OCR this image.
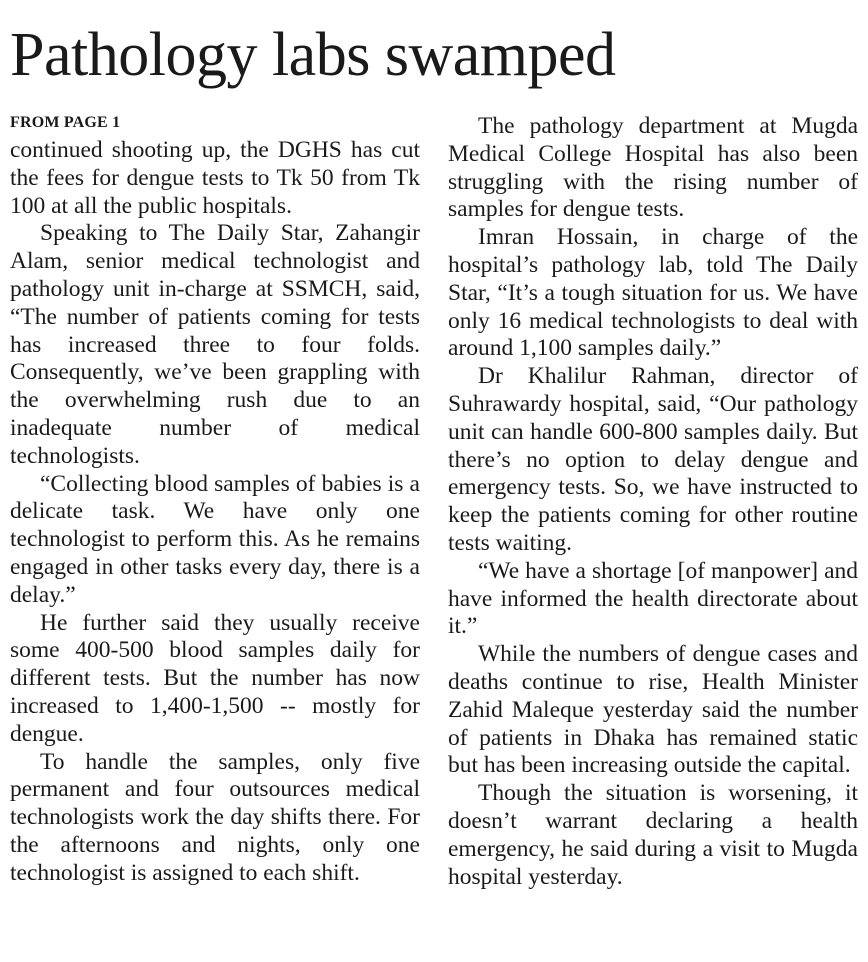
Pathology labs swamped
FROM PAGE 1

continued shooting up, the DGHS has cut the fees for dengue tests to Tk 50 from Tk 100 at all the public hospitals.

Speaking to The Daily Star, Zahangir Alam, senior medical technologist and pathology unit in-charge at SSMCH, said, “The number of patients coming for tests has increased three to four folds. Consequently, we’ve been grappling with the overwhelming rush due to an inadequate number of medical technologists.

“Collecting blood samples of babies is a delicate task. We have only one technologist to perform this. As he remains engaged in other tasks every day, there is a delay.”

He further said they usually receive some 400-500 blood samples daily for different tests. But the number has now increased to 1,400-1,500 -- mostly for dengue.

To handle the samples, only five permanent and four outsources medical technologists work the day shifts there. For the afternoons and nights, only one technologist is assigned to each shift.

The pathology department at Mugda Medical College Hospital has also been struggling with the rising number of samples for dengue tests.

Imran Hossain, in charge of the hospital’s pathology lab, told The Daily Star, “It’s a tough situation for us. We have only 16 medical technologists to deal with around 1,100 samples daily.”

Dr Khalilur Rahman, director of Suhrawardy hospital, said, “Our pathology unit can handle 600-800 samples daily. But there’s no option to delay dengue and emergency tests. So, we have instructed to keep the patients coming for other routine tests waiting.

“We have a shortage [of manpower] and have informed the health directorate about it.”

While the numbers of dengue cases and deaths continue to rise, Health Minister Zahid Maleque yesterday said the number of patients in Dhaka has remained static but has been increasing outside the capital.

Though the situation is worsening, it doesn’t warrant declaring a health emergency, he said during a visit to Mugda hospital yesterday.
